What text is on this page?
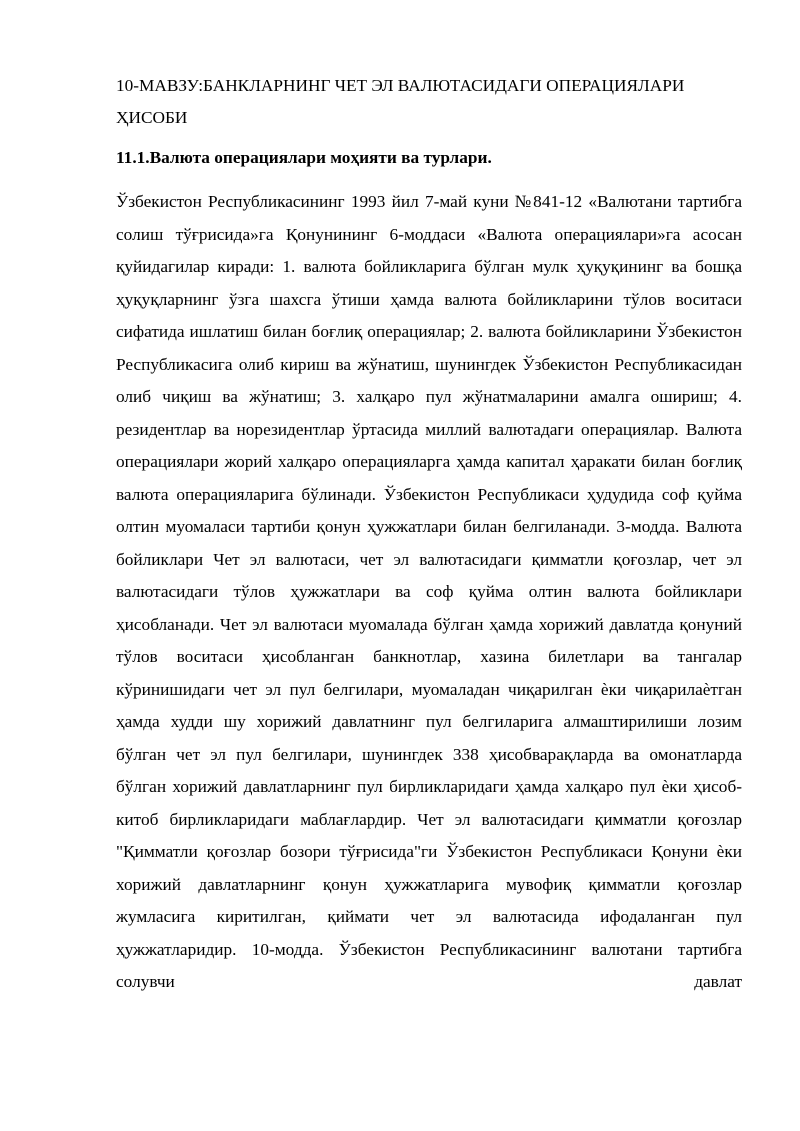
10-МАВЗУ:БАНКЛАРНИНГ ЧЕТ ЭЛ ВАЛЮТАСИДАГИ ОПЕРАЦИЯЛАРИ ҲИСОБИ
11.1.Валюта операциялари моҳияти ва турлари.

Ўзбекистон Республикасининг 1993 йил 7-май куни №841-12 «Валютани тартибга солиш тўғрисида»га Қонунининг 6-моддаси «Валюта операциялари»га асосан қуйидагилар киради: 1. валюта бойликларига бўлган мулк ҳуқуқининг ва бошқа ҳуқуқларнинг ўзга шахсга ўтиши ҳамда валюта бойликларини тўлов воситаси сифатида ишлатиш билан боғлиқ операциялар; 2. валюта бойликларини Ўзбекистон Республикасига олиб кириш ва жўнатиш, шунингдек Ўзбекистон Республикасидан олиб чиқиш ва жўнатиш; 3. халқаро пул жўнатмаларини амалга ошириш; 4. резидентлар ва норезидентлар ўртасида миллий валютадаги операциялар. Валюта операциялари жорий халқаро операцияларга ҳамда капитал ҳаракати билан боғлиқ валюта операцияларига бўлинади. Ўзбекистон Республикаси ҳудудида соф қуйма олтин муомаласи тартиби қонун ҳужжатлари билан белгиланади. 3-модда. Валюта бойликлари Чет эл валютаси, чет эл валютасидаги қимматли қоғозлар, чет эл валютасидаги тўлов ҳужжатлари ва соф қуйма олтин валюта бойликлари ҳисобланади. Чет эл валютаси муомалада бўлган ҳамда хорижий давлатда қонуний тўлов воситаси ҳисобланган банкнотлар, хазина билетлари ва тангалар кўринишидаги чет эл пул белгилари, муомаладан чиқарилган ѐки чиқарилаѐтган ҳамда худди шу хорижий давлатнинг пул белгиларига алмаштирилиши лозим бўлган чет эл пул белгилари, шунингдек 338 ҳисобварақларда ва омонатларда бўлган хорижий давлатларнинг пул бирликларидаги ҳамда халқаро пул ѐки ҳисоб-китоб бирликларидаги маблағлардир. Чет эл валютасидаги қимматли қоғозлар "Қимматли қоғозлар бозори тўғрисида"ги Ўзбекистон Республикаси Қонуни ѐки хорижий давлатларнинг қонун ҳужжатларига мувофиқ қимматли қоғозлар жумласига киритилган, қиймати чет эл валютасида ифодаланган пул ҳужжатларидир. 10-модда. Ўзбекистон Республикасининг валютани тартибга солувчи давлат
